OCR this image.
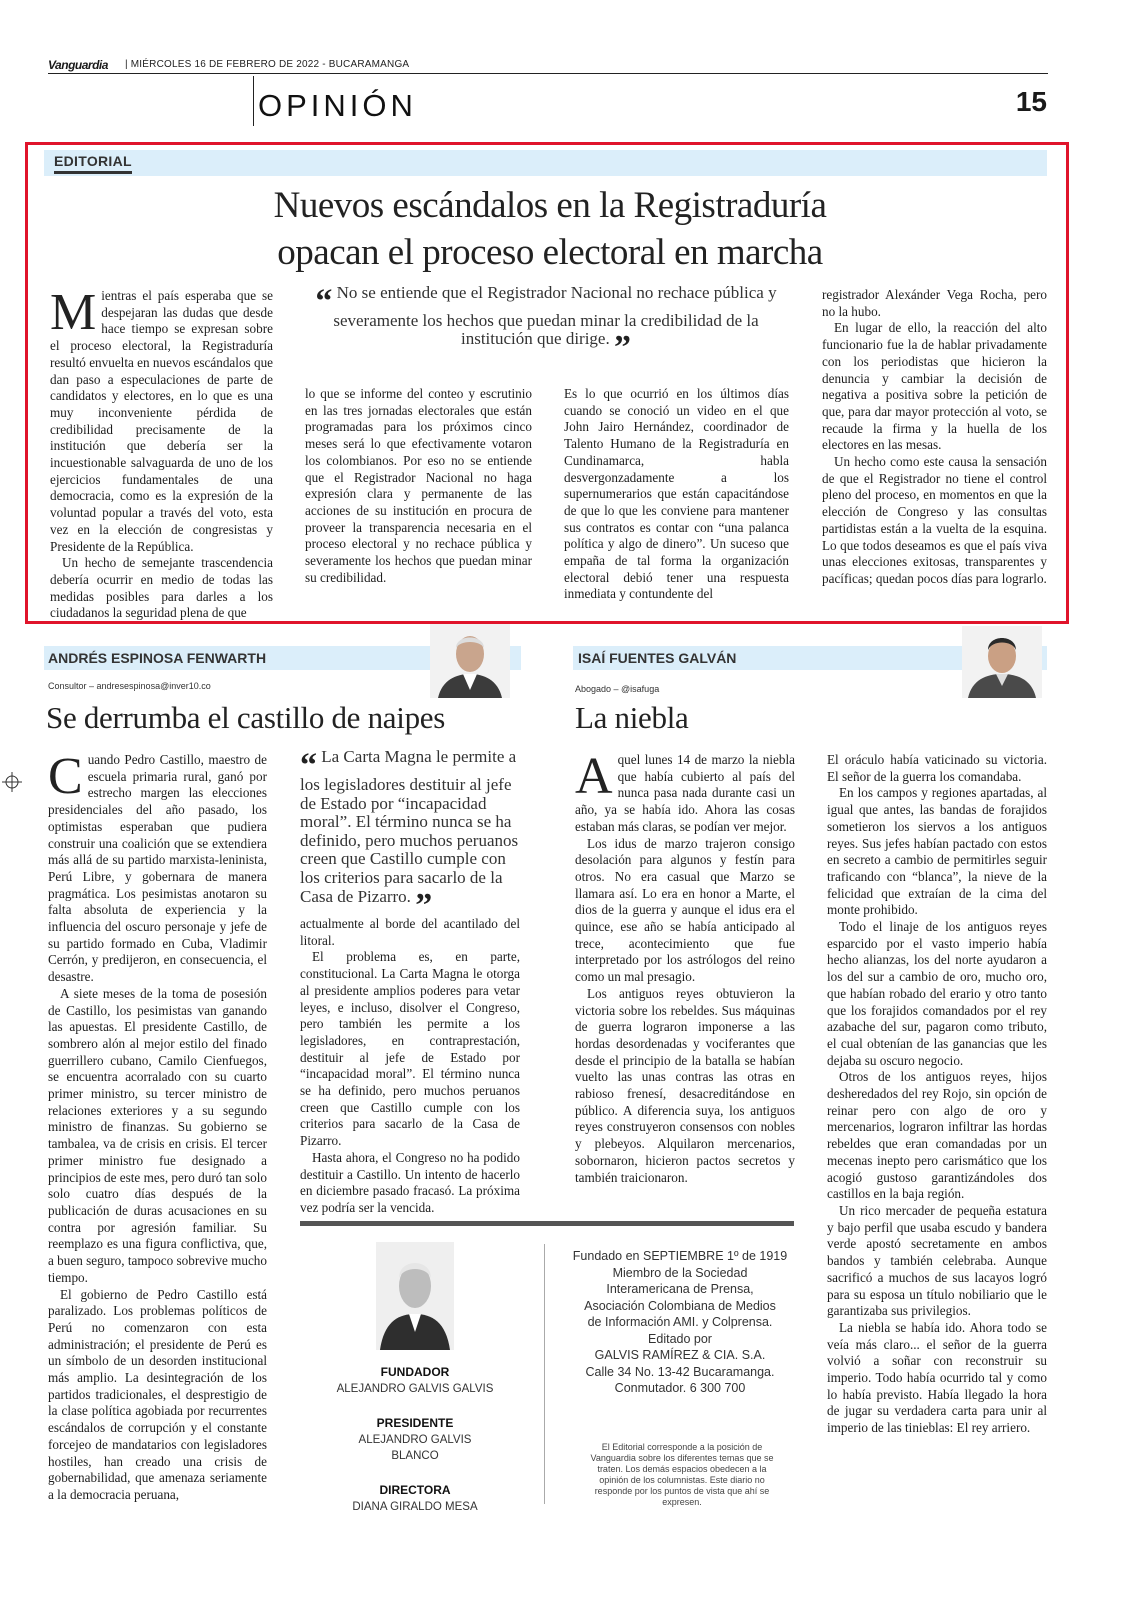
Vanguardia | MIÉRCOLES 16 DE FEBRERO DE 2022 - BUCARAMANGA
OPINIÓN	15
EDITORIAL
Nuevos escándalos en la Registraduría
opacan el proceso electoral en marcha
M ientras el país esperaba que se despejaran las dudas que desde hace tiempo se expresan sobre el proceso electoral, la Registraduría resultó envuelta en nuevos escándalos que dan paso a especulaciones de parte de candidatos y electores, en lo que es una muy inconveniente pérdida de credibilidad precisamente de la institución que debería ser la incuestionable salvaguarda de uno de los ejercicios fundamentales de una democracia, como es la expresión de la voluntad popular a través del voto, esta vez en la elección de congresistas y Presidente de la República.

Un hecho de semejante trascendencia debería ocurrir en medio de todas las medidas posibles para darles a los ciudadanos la seguridad plena de que

“ No se entiende que el Registrador Nacional no rechace pública y severamente los hechos que puedan minar la credibilidad de la institución que dirige. ”

lo que se informe del conteo y escrutinio en las tres jornadas electorales que están programadas para los próximos cinco meses será lo que efectivamente votaron los colombianos. Por eso no se entiende que el Registrador Nacional no haga expresión clara y permanente de las acciones de su institución en procura de proveer la transparencia necesaria en el proceso electoral y no rechace pública y severamente los hechos que puedan minar su credibilidad.

Es lo que ocurrió en los últimos días cuando se conoció un video en el que John Jairo Hernández, coordinador de Talento Humano de la Registraduría en Cundinamarca, habla desvergonzadamente a los supernumerarios que están capacitándose de que lo que les conviene para mantener sus contratos es contar con “una palanca política y algo de dinero”. Un suceso que empaña de tal forma la organización electoral debió tener una respuesta inmediata y contundente del

registrador Alexánder Vega Rocha, pero no la hubo.

En lugar de ello, la reacción del alto funcionario fue la de hablar privadamente con los periodistas que hicieron la denuncia y cambiar la decisión de negativa a positiva sobre la petición de que, para dar mayor protección al voto, se recaude la firma y la huella de los electores en las mesas.

Un hecho como este causa la sensación de que el Registrador no tiene el control pleno del proceso, en momentos en que la elección de Congreso y las consultas partidistas están a la vuelta de la esquina. Lo que todos deseamos es que el país viva unas elecciones exitosas, transparentes y pacíficas; quedan pocos días para lograrlo.

ANDRÉS ESPINOSA FENWARTH
Consultor – andresespinosa@inver10.co
Se derrumba el castillo de naipes
C uando Pedro Castillo, maestro de escuela primaria rural, ganó por estrecho margen las elecciones presidenciales del año pasado, los optimistas esperaban que pudiera construir una coalición que se extendiera más allá de su partido marxista-leninista, Perú Libre, y gobernara de manera pragmática. Los pesimistas anotaron su falta absoluta de experiencia y la influencia del oscuro personaje y jefe de su partido formado en Cuba, Vladimir Cerrón, y predijeron, en consecuencia, el desastre.

A siete meses de la toma de posesión de Castillo, los pesimistas van ganando las apuestas. El presidente Castillo, de sombrero alón al mejor estilo del finado guerrillero cubano, Camilo Cienfuegos, se encuentra acorralado con su cuarto primer ministro, su tercer ministro de relaciones exteriores y a su segundo ministro de finanzas. Su gobierno se tambalea, va de crisis en crisis. El tercer primer ministro fue designado a principios de este mes, pero duró tan solo solo cuatro días después de la publicación de duras acusaciones en su contra por agresión familiar. Su reemplazo es una figura conflictiva, que, a buen seguro, tampoco sobrevive mucho tiempo.

El gobierno de Pedro Castillo está paralizado. Los problemas políticos de Perú no comenzaron con esta administración; el presidente de Perú es un símbolo de un desorden institucional más amplio. La desintegración de los partidos tradicionales, el desprestigio de la clase política agobiada por recurrentes escándalos de corrupción y el constante forcejeo de mandatarios con legisladores hostiles, han creado una crisis de gobernabilidad, que amenaza seriamente a la democracia peruana,

“ La Carta Magna le permite a los legisladores destituir al jefe de Estado por “incapacidad moral”. El término nunca se ha definido, pero muchos peruanos creen que Castillo cumple con los criterios para sacarlo de la Casa de Pizarro. ”

actualmente al borde del acantilado del litoral.

El problema es, en parte, constitucional. La Carta Magna le otorga al presidente amplios poderes para vetar leyes, e incluso, disolver el Congreso, pero también les permite a los legisladores, en contraprestación, destituir al jefe de Estado por “incapacidad moral”. El término nunca se ha definido, pero muchos peruanos creen que Castillo cumple con los criterios para sacarlo de la Casa de Pizarro.

Hasta ahora, el Congreso no ha podido destituir a Castillo. Un intento de hacerlo en diciembre pasado fracasó. La próxima vez podría ser la vencida.

ISAÍ FUENTES GALVÁN
Abogado – @isafuga
La niebla
A quel lunes 14 de marzo la niebla que había cubierto al país del nunca pasa nada durante casi un año, ya se había ido. Ahora las cosas estaban más claras, se podían ver mejor.

Los idus de marzo trajeron consigo desolación para algunos y festín para otros. No era casual que Marzo se llamara así. Lo era en honor a Marte, el dios de la guerra y aunque el idus era el quince, ese año se había anticipado al trece, acontecimiento que fue interpretado por los astrólogos del reino como un mal presagio.

Los antiguos reyes obtuvieron la victoria sobre los rebeldes. Sus máquinas de guerra lograron imponerse a las hordas desordenadas y vociferantes que desde el principio de la batalla se habían vuelto las unas contras las otras en rabioso frenesí, desacreditándose en público. A diferencia suya, los antiguos reyes construyeron consensos con nobles y plebeyos. Alquilaron mercenarios, sobornaron, hicieron pactos secretos y también traicionaron.

El oráculo había vaticinado su victoria. El señor de la guerra los comandaba.

En los campos y regiones apartadas, al igual que antes, las bandas de forajidos sometieron los siervos a los antiguos reyes. Sus jefes habían pactado con estos en secreto a cambio de permitirles seguir traficando con “blanca”, la nieve de la felicidad que extraían de la cima del monte prohibido.

Todo el linaje de los antiguos reyes esparcido por el vasto imperio había hecho alianzas, los del norte ayudaron a los del sur a cambio de oro, mucho oro, que habían robado del erario y otro tanto que los forajidos comandados por el rey azabache del sur, pagaron como tributo, el cual obtenían de las ganancias que les dejaba su oscuro negocio.

Otros de los antiguos reyes, hijos desheredados del rey Rojo, sin opción de reinar pero con algo de oro y mercenarios, lograron infiltrar las hordas rebeldes que eran comandadas por un mecenas inepto pero carismático que los acogió gustoso garantizándoles dos castillos en la baja región.

Un rico mercader de pequeña estatura y bajo perfil que usaba escudo y bandera verde apostó secretamente en ambos bandos y también celebraba. Aunque sacrificó a muchos de sus lacayos logró para su esposa un título nobiliario que le garantizaba sus privilegios.

La niebla se había ido. Ahora todo se veía más claro... el señor de la guerra volvió a soñar con reconstruir su imperio. Todo había ocurrido tal y como lo había previsto. Había llegado la hora de jugar su verdadera carta para unir al imperio de las tinieblas: El rey arriero.

FUNDADOR
ALEJANDRO GALVIS GALVIS
PRESIDENTE
ALEJANDRO GALVIS BLANCO
DIRECTORA
DIANA GIRALDO MESA
Fundado en SEPTIEMBRE 1º de 1919
Miembro de la Sociedad
Interamericana de Prensa,
Asociación Colombiana de Medios
de Información AMI. y Colprensa.
Editado por
GALVIS RAMÍREZ & CIA. S.A.
Calle 34 No. 13-42 Bucaramanga.
Conmutador. 6 300 700
El Editorial corresponde a la posición de Vanguardia sobre los diferentes temas que se traten. Los demás espacios obedecen a la opinión de los columnistas. Este diario no responde por los puntos de vista que ahí se expresen.
